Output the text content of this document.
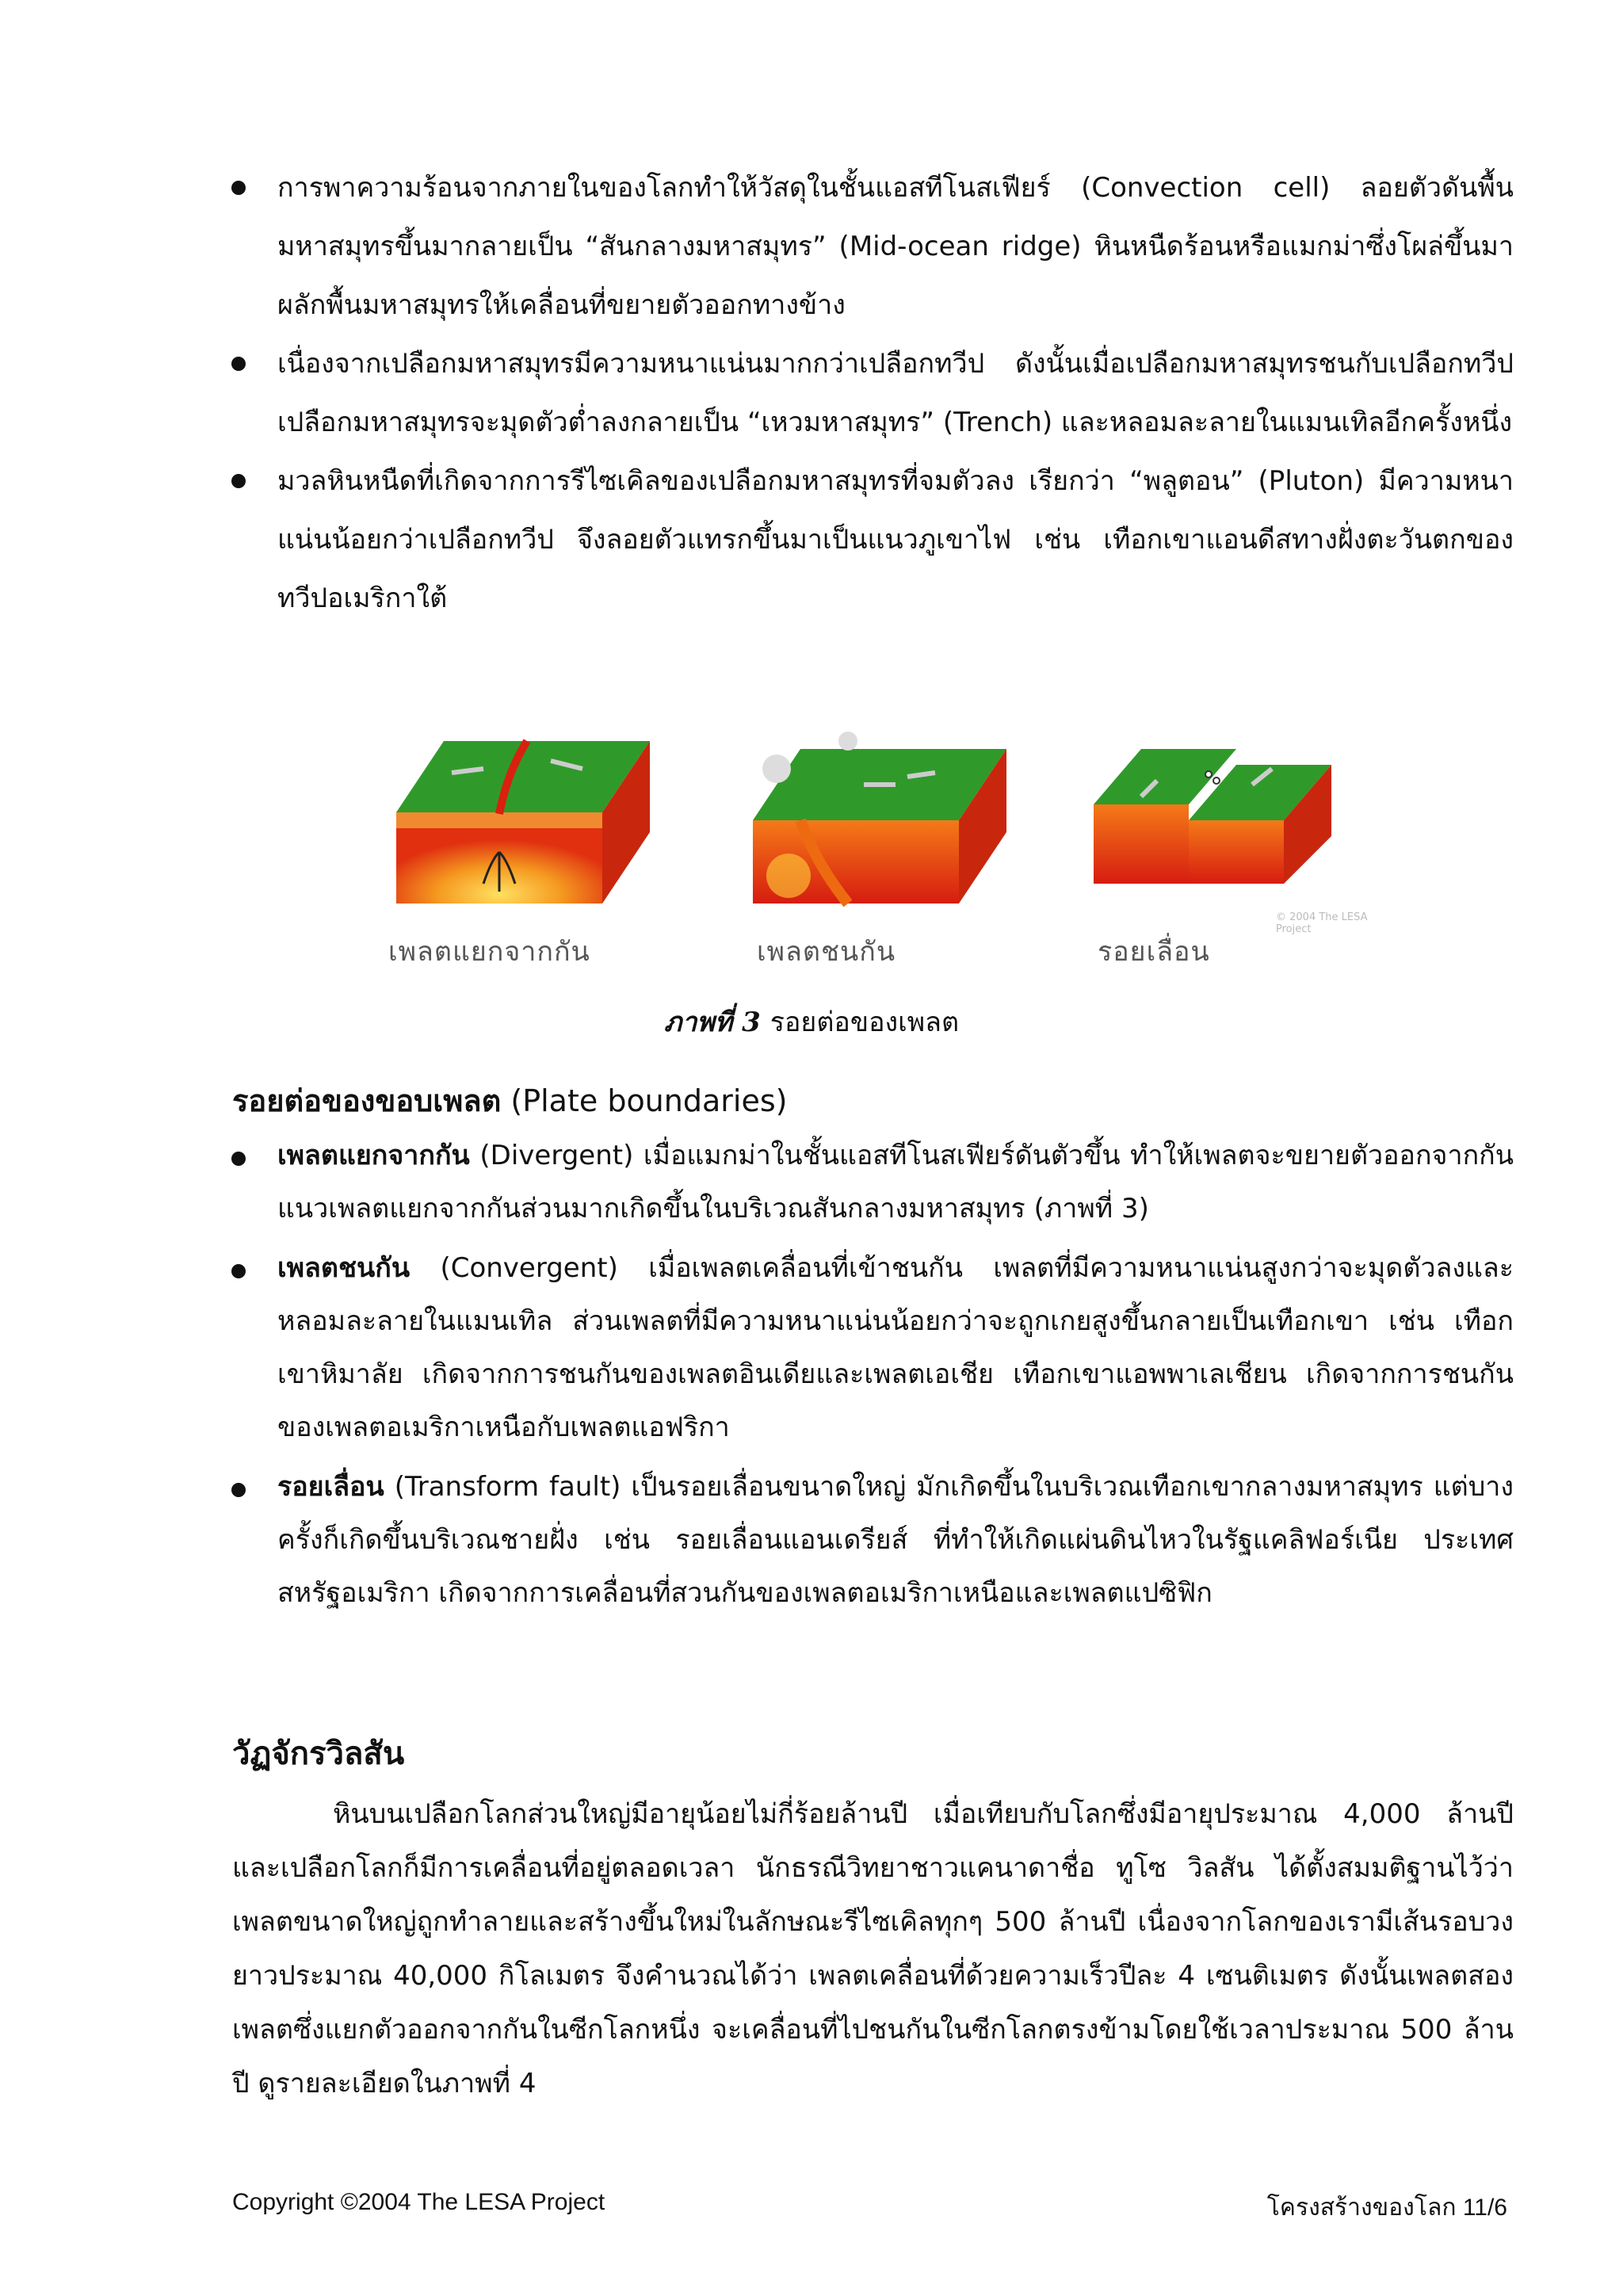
การพาความร้อนจากภายในของโลกทำให้วัสดุในชั้นแอสทีโนสเฟียร์ (Convection cell) ลอยตัวดันพื้นมหาสมุทรขึ้นมากลายเป็น “สันกลางมหาสมุทร” (Mid-ocean ridge) หินหนืดร้อนหรือแมกม่าซึ่งโผล่ขึ้นมาผลักพื้นมหาสมุทรให้เคลื่อนที่ขยายตัวออกทางข้าง
เนื่องจากเปลือกมหาสมุทรมีความหนาแน่นมากกว่าเปลือกทวีป ดังนั้นเมื่อเปลือกมหาสมุทรชนกับเปลือกทวีป เปลือกมหาสมุทรจะมุดตัวต่ำลงกลายเป็น “เหวมหาสมุทร” (Trench) และหลอมละลายในแมนเทิลอีกครั้งหนึ่ง
มวลหินหนืดที่เกิดจากการรีไซเคิลของเปลือกมหาสมุทรที่จมตัวลง เรียกว่า “พลูตอน” (Pluton) มีความหนาแน่นน้อยกว่าเปลือกทวีป จึงลอยตัวแทรกขึ้นมาเป็นแนวภูเขาไฟ เช่น เทือกเขาแอนดีสทางฝั่งตะวันตกของทวีปอเมริกาใต้
© 2004 The LESA Project
เพลตแยกจากกัน	เพลตชนกัน	รอยเลื่อน
ภาพที่ 3 รอยต่อของเพลต
รอยต่อของขอบเพลต (Plate boundaries)
เพลตแยกจากกัน (Divergent) เมื่อแมกม่าในชั้นแอสทีโนสเฟียร์ดันตัวขึ้น ทำให้เพลตจะขยายตัวออกจากกัน แนวเพลตแยกจากกันส่วนมากเกิดขึ้นในบริเวณสันกลางมหาสมุทร (ภาพที่ 3)
เพลตชนกัน (Convergent) เมื่อเพลตเคลื่อนที่เข้าชนกัน เพลตที่มีความหนาแน่นสูงกว่าจะมุดตัวลงและหลอมละลายในแมนเทิล ส่วนเพลตที่มีความหนาแน่นน้อยกว่าจะถูกเกยสูงขึ้นกลายเป็นเทือกเขา เช่น เทือกเขาหิมาลัย เกิดจากการชนกันของเพลตอินเดียและเพลตเอเชีย เทือกเขาแอพพาเลเชียน เกิดจากการชนกันของเพลตอเมริกาเหนือกับเพลตแอฟริกา
รอยเลื่อน (Transform fault) เป็นรอยเลื่อนขนาดใหญ่ มักเกิดขึ้นในบริเวณเทือกเขากลางมหาสมุทร แต่บางครั้งก็เกิดขึ้นบริเวณชายฝั่ง เช่น รอยเลื่อนแอนเดรียส์ ที่ทำให้เกิดแผ่นดินไหวในรัฐแคลิฟอร์เนีย ประเทศสหรัฐอเมริกา เกิดจากการเคลื่อนที่สวนกันของเพลตอเมริกาเหนือและเพลตแปซิฟิก
วัฏจักรวิลสัน

หินบนเปลือกโลกส่วนใหญ่มีอายุน้อยไม่กี่ร้อยล้านปี เมื่อเทียบกับโลกซึ่งมีอายุประมาณ 4,000 ล้านปี และเปลือกโลกก็มีการเคลื่อนที่อยู่ตลอดเวลา นักธรณีวิทยาชาวแคนาดาชื่อ ทูโซ วิลสัน ได้ตั้งสมมติฐานไว้ว่า เพลตขนาดใหญ่ถูกทำลายและสร้างขึ้นใหม่ในลักษณะรีไซเคิลทุกๆ 500 ล้านปี เนื่องจากโลกของเรามีเส้นรอบวงยาวประมาณ 40,000 กิโลเมตร จึงคำนวณได้ว่า เพลตเคลื่อนที่ด้วยความเร็วปีละ 4 เซนติเมตร ดังนั้นเพลตสองเพลตซึ่งแยกตัวออกจากกันในซีกโลกหนึ่ง จะเคลื่อนที่ไปชนกันในซีกโลกตรงข้ามโดยใช้เวลาประมาณ 500 ล้านปี ดูรายละเอียดในภาพที่ 4

Copyright ©2004 The LESA Project	โครงสร้างของโลก 11/6
